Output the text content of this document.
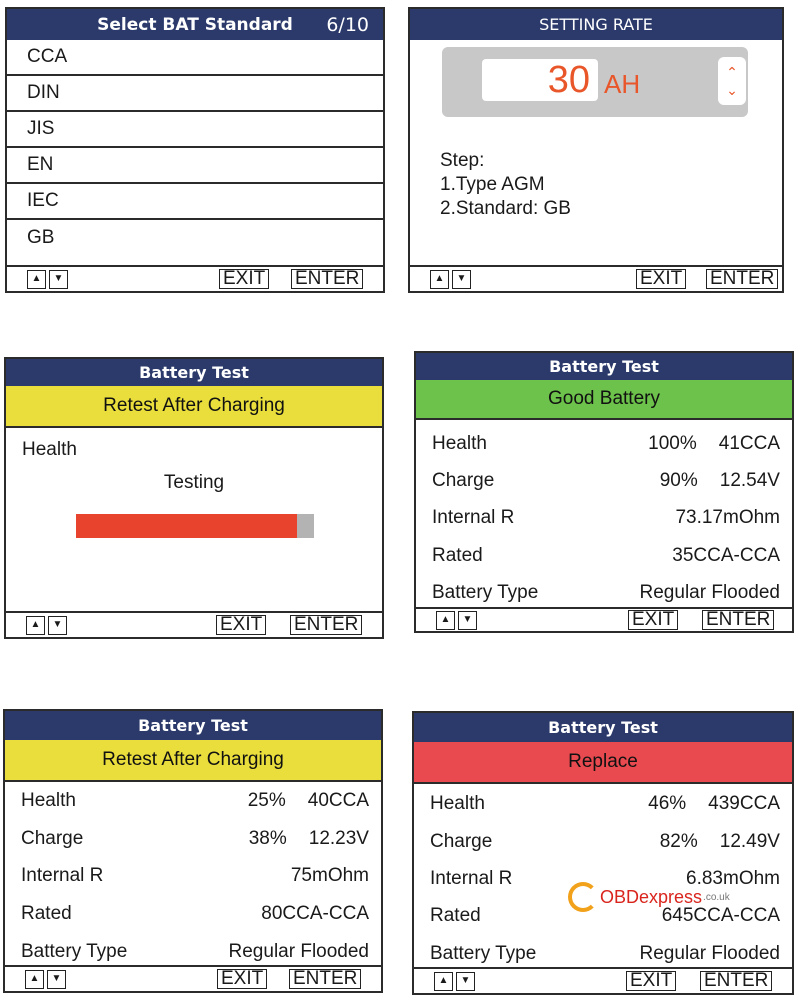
Select BAT Standard 6/10
CCA
DIN
JIS
EN
IEC
GB
▲ ▼	EXIT ENTER
SETTING RATE
30 AH	⌃
⌄
Step:
1.Type AGM
2.Standard: GB
▲ ▼	EXIT ENTER
Battery Test
Retest After Charging
Health
Testing
▲ ▼	EXIT ENTER
Battery Test
Good Battery
Health	100% 41CCA
Charge	90% 12.54V
Internal R	73.17mOhm
Rated	35CCA-CCA
Battery Type	Regular Flooded
▲ ▼	EXIT ENTER
Battery Test
Retest After Charging
Health	25% 40CCA
Charge	38% 12.23V
Internal R	75mOhm
Rated	80CCA-CCA
Battery Type	Regular Flooded
▲ ▼	EXIT ENTER
Battery Test
Replace
Health	46% 439CCA
Charge	82% 12.49V
Internal R	6.83mOhm
Rated	645CCA-CCA
Battery Type	Regular Flooded
▲ ▼	EXIT ENTER
OBDexpress .co.uk
